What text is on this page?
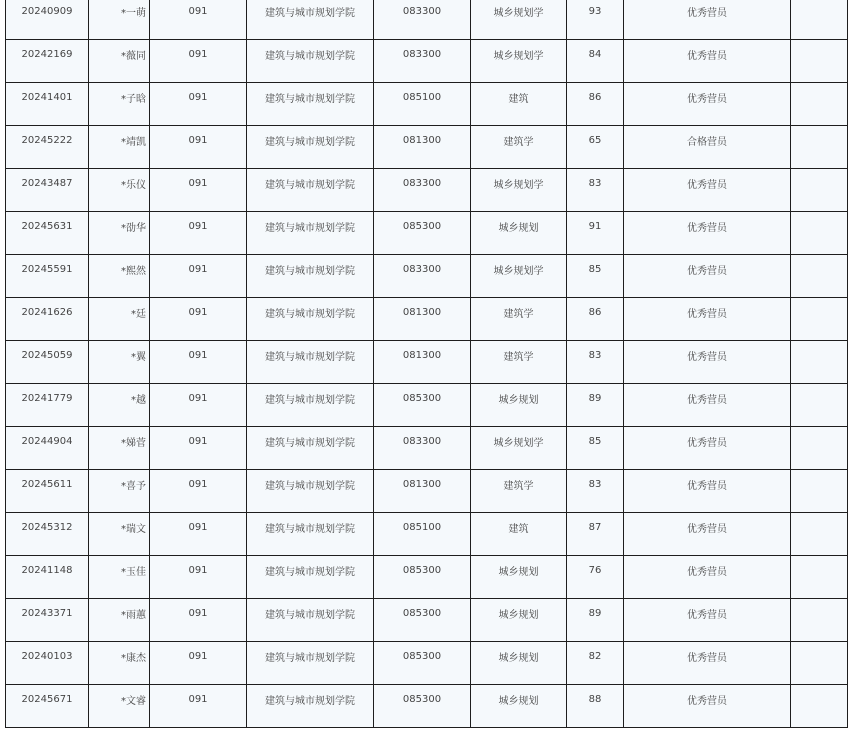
20240909	*一萌	091	建筑与城市规划学院	083300	城乡规划学	93	优秀营员	
20242169	*薇同	091	建筑与城市规划学院	083300	城乡规划学	84	优秀营员	
20241401	*子晗	091	建筑与城市规划学院	085100	建筑	86	优秀营员	
20245222	*靖凯	091	建筑与城市规划学院	081300	建筑学	65	合格营员	
20243487	*乐仪	091	建筑与城市规划学院	083300	城乡规划学	83	优秀营员	
20245631	*劭华	091	建筑与城市规划学院	085300	城乡规划	91	优秀营员	
20245591	*熙然	091	建筑与城市规划学院	083300	城乡规划学	85	优秀营员	
20241626	*廷	091	建筑与城市规划学院	081300	建筑学	86	优秀营员	
20245059	*翼	091	建筑与城市规划学院	081300	建筑学	83	优秀营员	
20241779	*越	091	建筑与城市规划学院	085300	城乡规划	89	优秀营员	
20244904	*娣菅	091	建筑与城市规划学院	083300	城乡规划学	85	优秀营员	
20245611	*喜予	091	建筑与城市规划学院	081300	建筑学	83	优秀营员	
20245312	*瑞文	091	建筑与城市规划学院	085100	建筑	87	优秀营员	
20241148	*玉佳	091	建筑与城市规划学院	085300	城乡规划	76	优秀营员	
20243371	*雨蕙	091	建筑与城市规划学院	085300	城乡规划	89	优秀营员	
20240103	*康杰	091	建筑与城市规划学院	085300	城乡规划	82	优秀营员	
20245671	*文睿	091	建筑与城市规划学院	085300	城乡规划	88	优秀营员	
